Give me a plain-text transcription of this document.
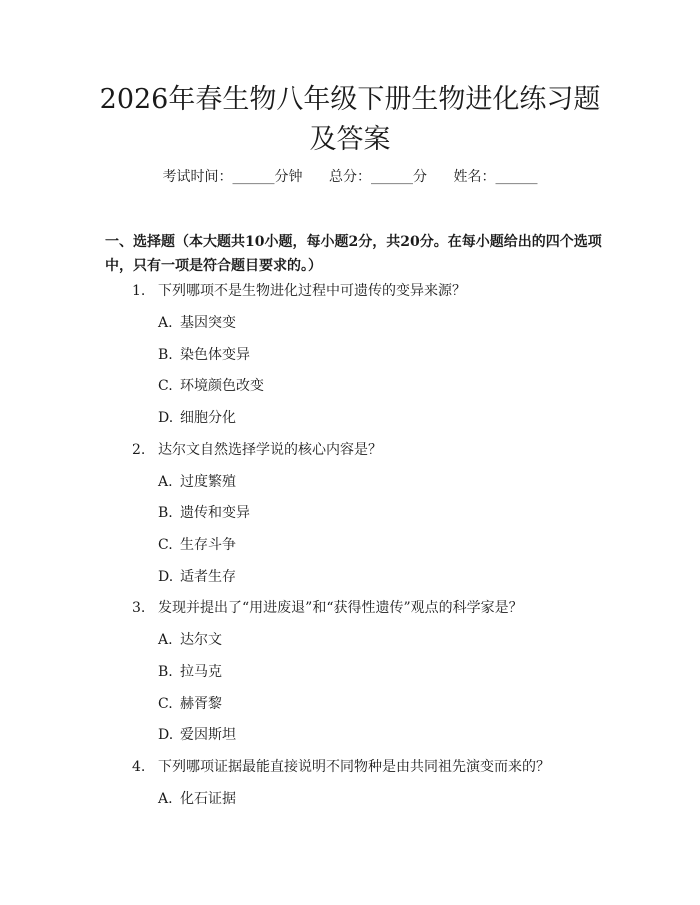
2026年春生物八年级下册生物进化练习题及答案
考试时间：______分钟 总分：______分 姓名：______

一、选择题（本大题共10小题，每小题2分，共20分。在每小题给出的四个选项中，只有一项是符合题目要求的。）

1. 下列哪项不是生物进化过程中可遗传的变异来源？
A. 基因突变
B. 染色体变异
C. 环境颜色改变
D. 细胞分化
2. 达尔文自然选择学说的核心内容是？
A. 过度繁殖
B. 遗传和变异
C. 生存斗争
D. 适者生存
3. 发现并提出了“用进废退”和“获得性遗传”观点的科学家是？
A. 达尔文
B. 拉马克
C. 赫胥黎
D. 爱因斯坦
4. 下列哪项证据最能直接说明不同物种是由共同祖先演变而来的？
A. 化石证据
